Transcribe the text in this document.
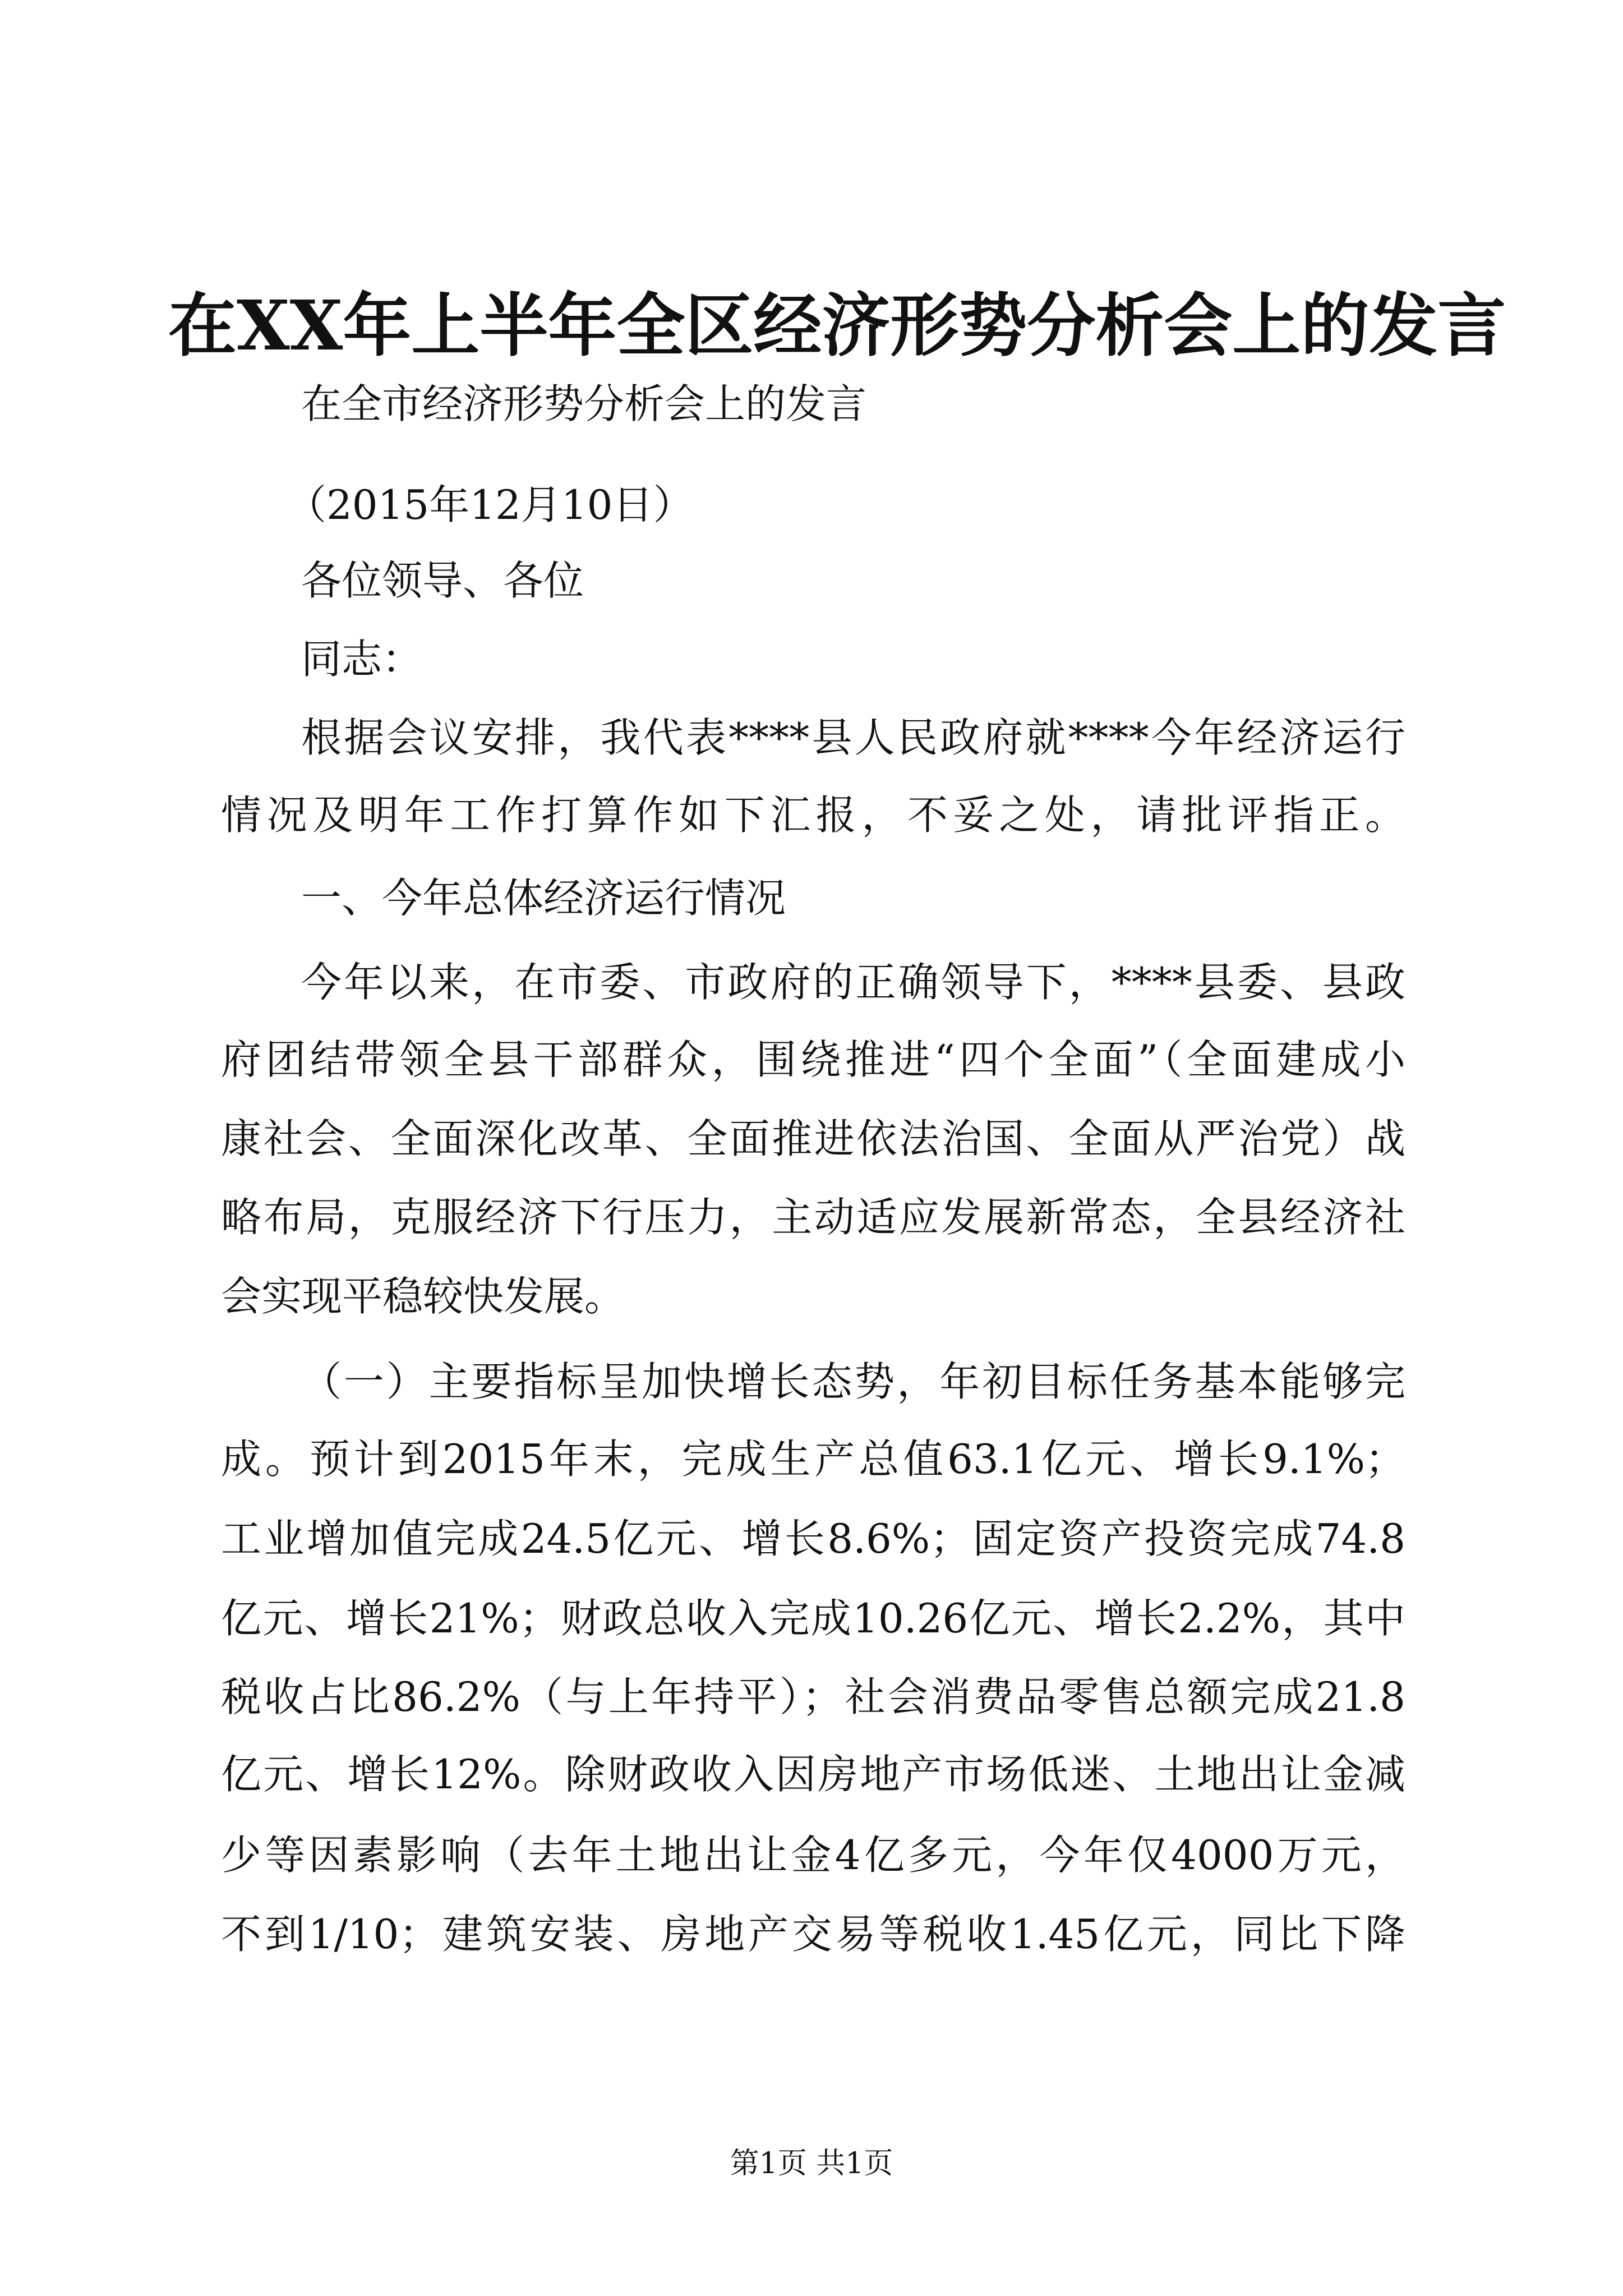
在XX年上半年全区经济形势分析会上的发言
在全市经济形势分析会上的发言
（2015年12月10日）
各位领导、各位
同志：
根据会议安排，我代表****县人民政府就****今年经济运行
情况及明年工作打算作如下汇报，不妥之处，请批评指正。
一、今年总体经济运行情况
今年以来，在市委、市政府的正确领导下，****县委、县政
府团结带领全县干部群众，围绕推进“四个全面”（全面建成小
康社会、全面深化改革、全面推进依法治国、全面从严治党）战
略布局，克服经济下行压力，主动适应发展新常态，全县经济社
会实现平稳较快发展。
（一）主要指标呈加快增长态势，年初目标任务基本能够完
成。预计到2015年末，完成生产总值63.1亿元、增长9.1%；
工业增加值完成24.5亿元、增长8.6%；固定资产投资完成74.8
亿元、增长21%；财政总收入完成10.26亿元、增长2.2%，其中
税收占比86.2%（与上年持平）；社会消费品零售总额完成21.8
亿元、增长12%。除财政收入因房地产市场低迷、土地出让金减
少等因素影响（去年土地出让金4亿多元，今年仅4000万元，
不到1/10；建筑安装、房地产交易等税收1.45亿元，同比下降
第1页 共1页
